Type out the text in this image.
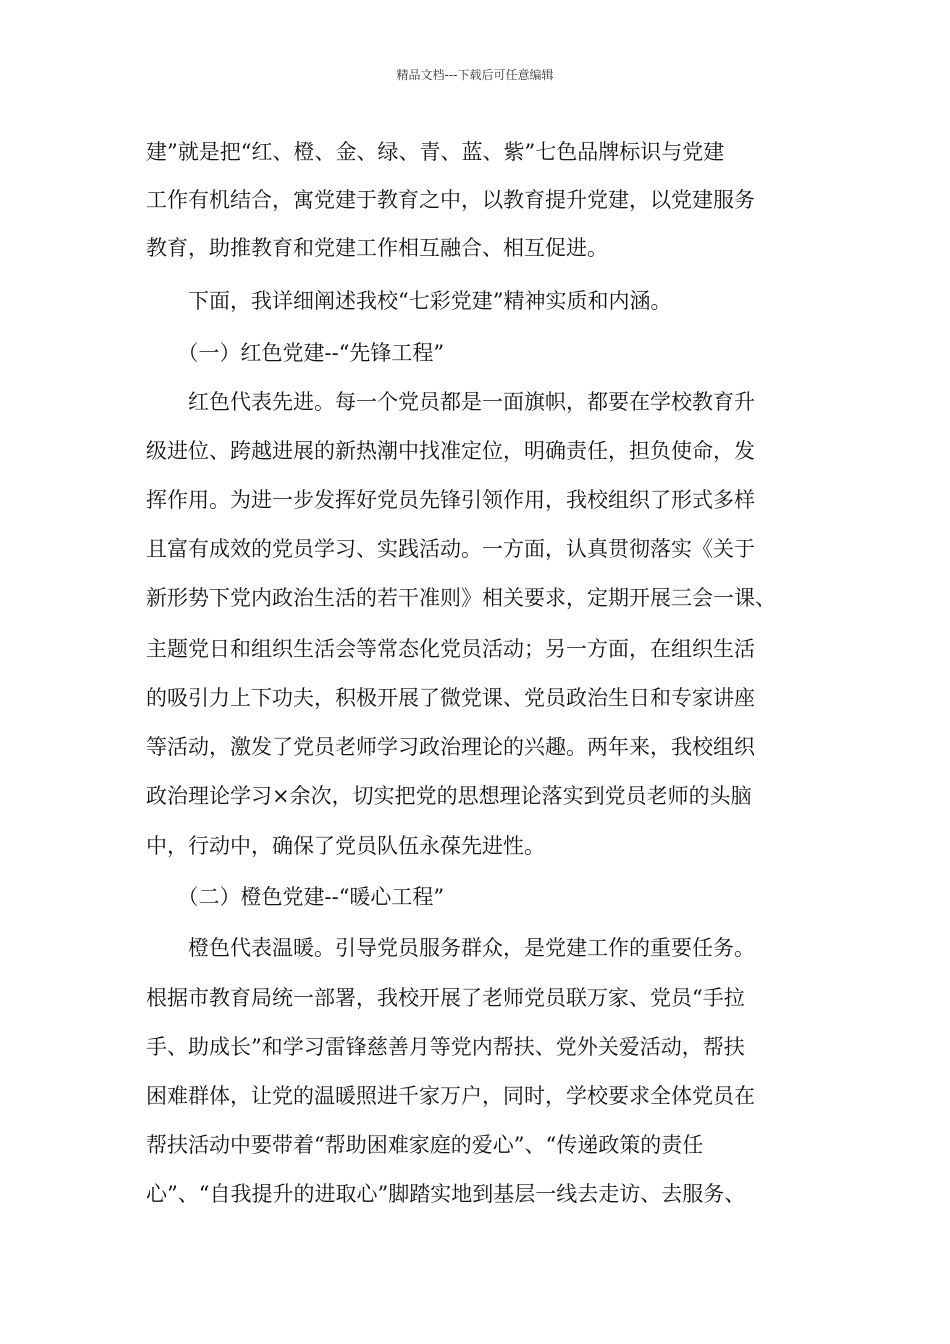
精品文档---下载后可任意编辑
建”就是把“红、橙、金、绿、青、蓝、紫”七色品牌标识与党建
工作有机结合，寓党建于教育之中，以教育提升党建，以党建服务
教育，助推教育和党建工作相互融合、相互促进。
　　下面，我详细阐述我校“七彩党建”精神实质和内涵。
　　（一）红色党建--“先锋工程”
　　红色代表先进。每一个党员都是一面旗帜，都要在学校教育升
级进位、跨越进展的新热潮中找准定位，明确责任，担负使命，发
挥作用。为进一步发挥好党员先锋引领作用，我校组织了形式多样
且富有成效的党员学习、实践活动。一方面，认真贯彻落实《关于
新形势下党内政治生活的若干准则》相关要求，定期开展三会一课、
主题党日和组织生活会等常态化党员活动；另一方面，在组织生活
的吸引力上下功夫，积极开展了微党课、党员政治生日和专家讲座
等活动，激发了党员老师学习政治理论的兴趣。两年来，我校组织
政治理论学习×余次，切实把党的思想理论落实到党员老师的头脑
中，行动中，确保了党员队伍永葆先进性。
　　（二）橙色党建--“暖心工程”
　　橙色代表温暖。引导党员服务群众，是党建工作的重要任务。
根据市教育局统一部署，我校开展了老师党员联万家、党员“手拉
手、助成长”和学习雷锋慈善月等党内帮扶、党外关爱活动，帮扶
困难群体，让党的温暖照进千家万户，同时，学校要求全体党员在
帮扶活动中要带着“帮助困难家庭的爱心”、“传递政策的责任
心”、“自我提升的进取心”脚踏实地到基层一线去走访、去服务、
